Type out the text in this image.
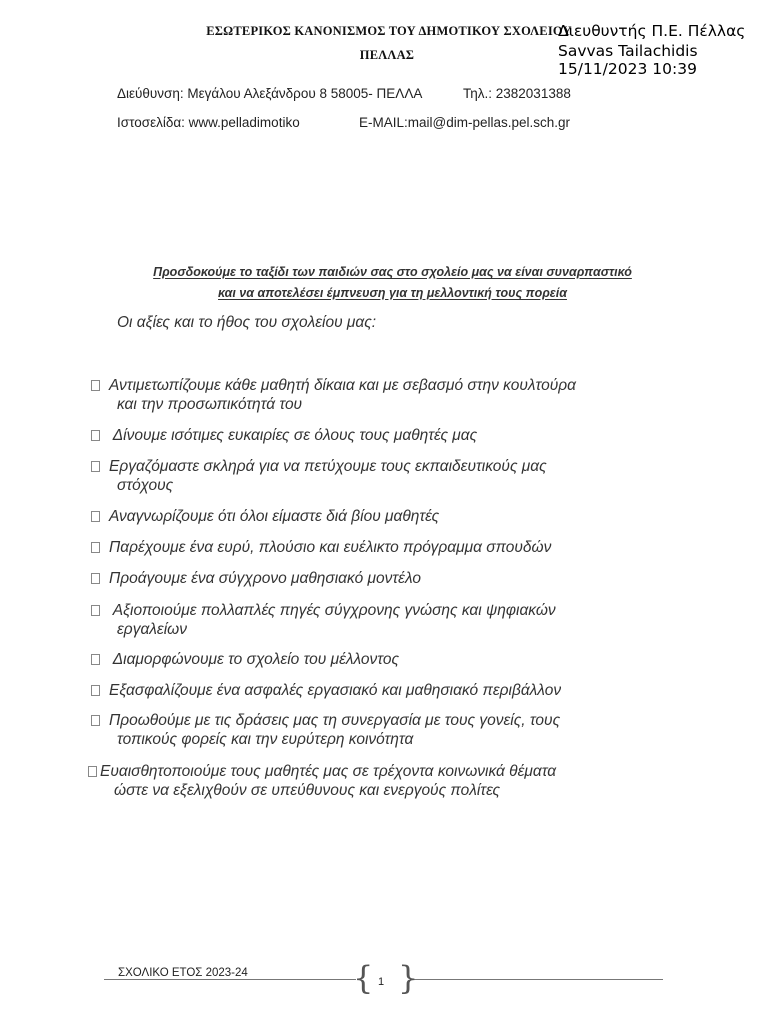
ΕΣΩΤΕΡΙΚΟΣ ΚΑΝΟΝΙΣΜΟΣ ΤΟΥ ΔΗΜΟΤΙΚΟΥ ΣΧΟΛΕΙΟΥ
ΠΕΛΛΑΣ
Διευθυντής Π.Ε. Πέλλας
Savvas Tailachidis
15/11/2023 10:39
Διεύθυνση: Μεγάλου Αλεξάνδρου 8 58005- ΠΕΛΛΑ	Τηλ.: 2382031388
Ιστοσελίδα: www.pelladimotiko	E-MAIL:mail@dim-pellas.pel.sch.gr
Προσδοκούμε το ταξίδι των παιδιών σας στο σχολείο μας να είναι συναρπαστικό
και να αποτελέσει έμπνευση για τη μελλοντική τους πορεία
Οι αξίες και το ήθος του σχολείου μας:
Αντιμετωπίζουμε κάθε μαθητή δίκαια και με σεβασμό στην κουλτούρα
και την προσωπικότητά του
Δίνουμε ισότιμες ευκαιρίες σε όλους τους μαθητές μας
Εργαζόμαστε σκληρά για να πετύχουμε τους εκπαιδευτικούς μας
στόχους
Αναγνωρίζουμε ότι όλοι είμαστε διά βίου μαθητές
Παρέχουμε ένα ευρύ, πλούσιο και ευέλικτο πρόγραμμα σπουδών
Προάγουμε ένα σύγχρονο μαθησιακό μοντέλο
Αξιοποιούμε πολλαπλές πηγές σύγχρονης γνώσης και ψηφιακών
εργαλείων
Διαμορφώνουμε το σχολείο του μέλλοντος
Εξασφαλίζουμε ένα ασφαλές εργασιακό και μαθησιακό περιβάλλον
Προωθούμε με τις δράσεις μας τη συνεργασία με τους γονείς, τους
τοπικούς φορείς και την ευρύτερη κοινότητα
Ευαισθητοποιούμε τους μαθητές μας σε τρέχοντα κοινωνικά θέματα
ώστε να εξελιχθούν σε υπεύθυνους και ενεργούς πολίτες
ΣΧΟΛΙΚΟ ΕΤΟΣ 2023-24	{ }
1
